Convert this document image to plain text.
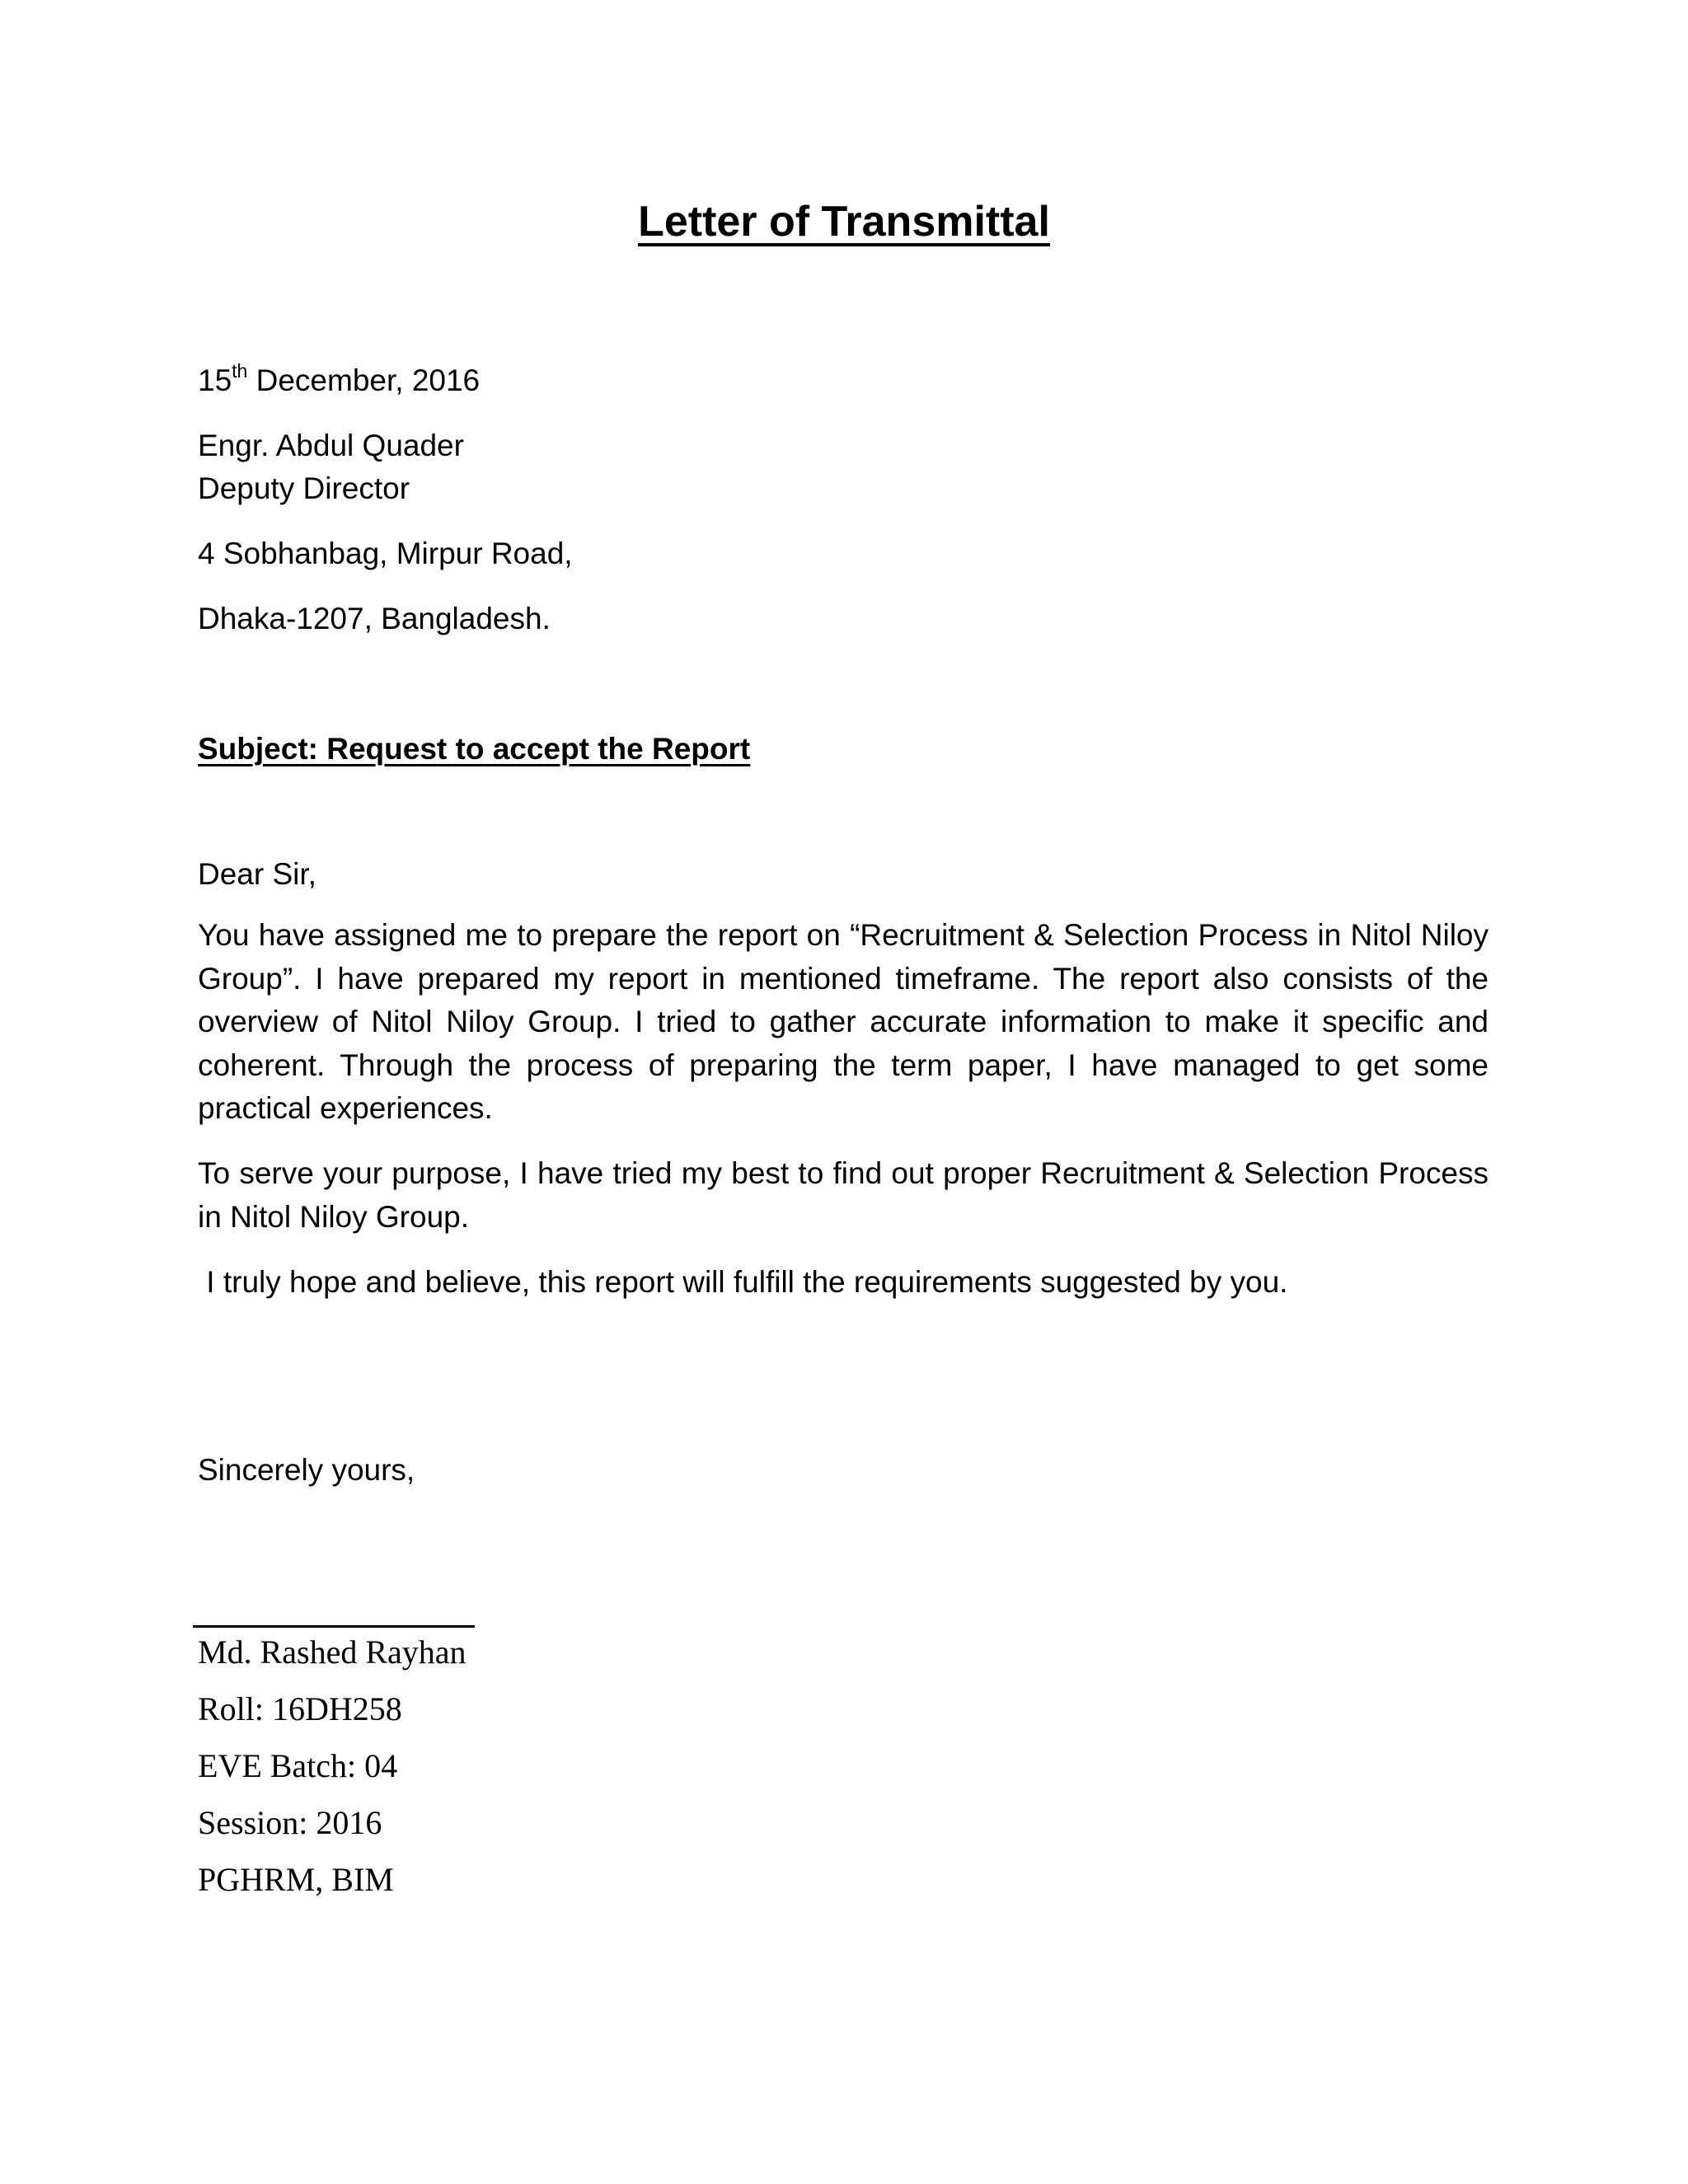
Letter of Transmittal

15th December, 2016

Engr. Abdul Quader

Deputy Director

4 Sobhanbag, Mirpur Road,

Dhaka-1207, Bangladesh.

Subject: Request to accept the Report

Dear Sir,

You have assigned me to prepare the report on “Recruitment & Selection Process in Nitol Niloy Group”. I have prepared my report in mentioned timeframe. The report also consists of the overview of Nitol Niloy Group. I tried to gather accurate information to make it specific and coherent. Through the process of preparing the term paper, I have managed to get some practical experiences.

To serve your purpose, I have tried my best to find out proper Recruitment & Selection Process in Nitol Niloy Group.

I truly hope and believe, this report will fulfill the requirements suggested by you.

Sincerely yours,

Md. Rashed Rayhan

Roll: 16DH258

EVE Batch: 04

Session: 2016

PGHRM, BIM
